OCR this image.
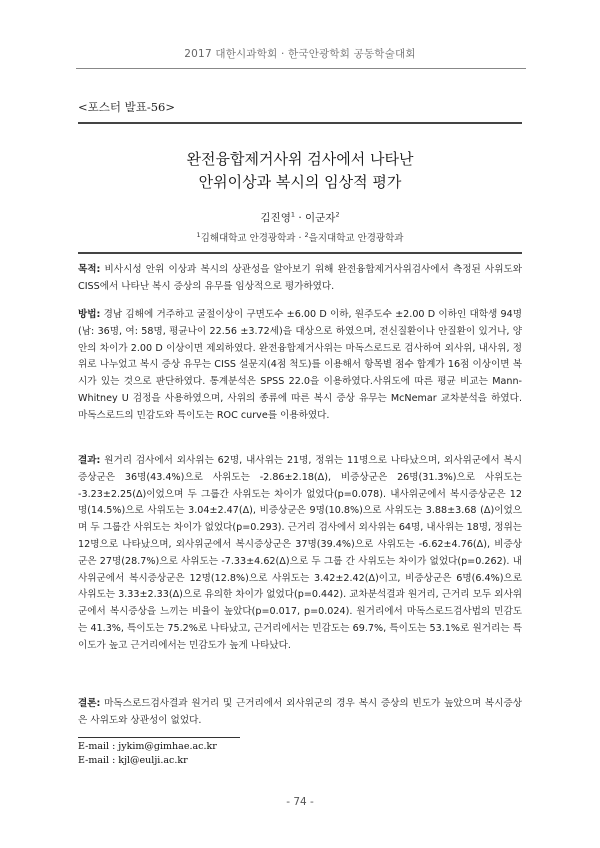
2017 대한시과학회 · 한국안광학회 공동학술대회
<포스터 발표-56>
완전융합제거사위 검사에서 나타난
안위이상과 복시의 임상적 평가
김진영$^1$ · 이군자$^2$
$^1$김해대학교 안경광학과 · $^2$을지대학교 안경광학과
목적: 비사시성 안위 이상과 복시의 상관성을 알아보기 위해 완전융합제거사위검사에서 측정된 사위도와 CISS에서 나타난 복시 증상의 유무를 임상적으로 평가하였다.
방법: 경남 김해에 거주하고 굴절이상이 구면도수 ±6.00 D 이하, 원주도수 ±2.00 D 이하인 대학생 94명(남: 36명, 여: 58명, 평균나이 22.56 ±3.72세)을 대상으로 하였으며, 전신질환이나 안질환이 있거나, 양안의 차이가 2.00 D 이상이면 제외하였다. 완전융합제거사위는 마독스로드로 검사하여 외사위, 내사위, 정위로 나누었고 복시 증상 유무는 CISS 설문지(4점 척도)를 이용해서 항목별 점수 합계가 16점 이상이면 복시가 있는 것으로 판단하였다. 통계분석은 SPSS 22.0을 이용하였다.사위도에 따른 평균 비교는 Mann-Whitney U 검정을 사용하였으며, 사위의 종류에 따른 복시 증상 유무는 McNemar 교차분석을 하였다. 마독스로드의 민감도와 특이도는 ROC curve를 이용하였다.
결과: 원거리 검사에서 외사위는 62명, 내사위는 21명, 정위는 11명으로 나타났으며, 외사위군에서 복시증상군은 36명(43.4%)으로 사위도는 -2.86±2.18(Δ), 비증상군은 26명(31.3%)으로 사위도는 -3.23±2.25(Δ)이었으며 두 그룹간 사위도는 차이가 없었다(p=0.078). 내사위군에서 복시증상군은 12명(14.5%)으로 사위도는 3.04±2.47(Δ), 비증상군은 9명(10.8%)으로 사위도는 3.88±3.68 (Δ)이었으며 두 그룹간 사위도는 차이가 없었다(p=0.293). 근거리 검사에서 외사위는 64명, 내사위는 18명, 정위는 12명으로 나타났으며, 외사위군에서 복시증상군은 37명(39.4%)으로 사위도는 -6.62±4.76(Δ), 비증상군은 27명(28.7%)으로 사위도는 -7.33±4.62(Δ)으로 두 그룹 간 사위도는 차이가 없었다(p=0.262). 내사위군에서 복시증상군은 12명(12.8%)으로 사위도는 3.42±2.42(Δ)이고, 비증상군은 6명(6.4%)으로 사위도는 3.33±2.33(Δ)으로 유의한 차이가 없었다(p=0.442). 교차분석결과 원거리, 근거리 모두 외사위군에서 복시증상을 느끼는 비율이 높았다(p=0.017, p=0.024). 원거리에서 마독스로드검사법의 민감도는 41.3%, 특이도는 75.2%로 나타났고, 근거리에서는 민감도는 69.7%, 특이도는 53.1%로 원거리는 특이도가 높고 근거리에서는 민감도가 높게 나타났다.
결론: 마독스로드검사결과 원거리 및 근거리에서 외사위군의 경우 복시 증상의 빈도가 높았으며 복시증상은 사위도와 상관성이 없었다.
E-mail : jykim@gimhae.ac.kr
E-mail : kjl@eulji.ac.kr
- 74 -
